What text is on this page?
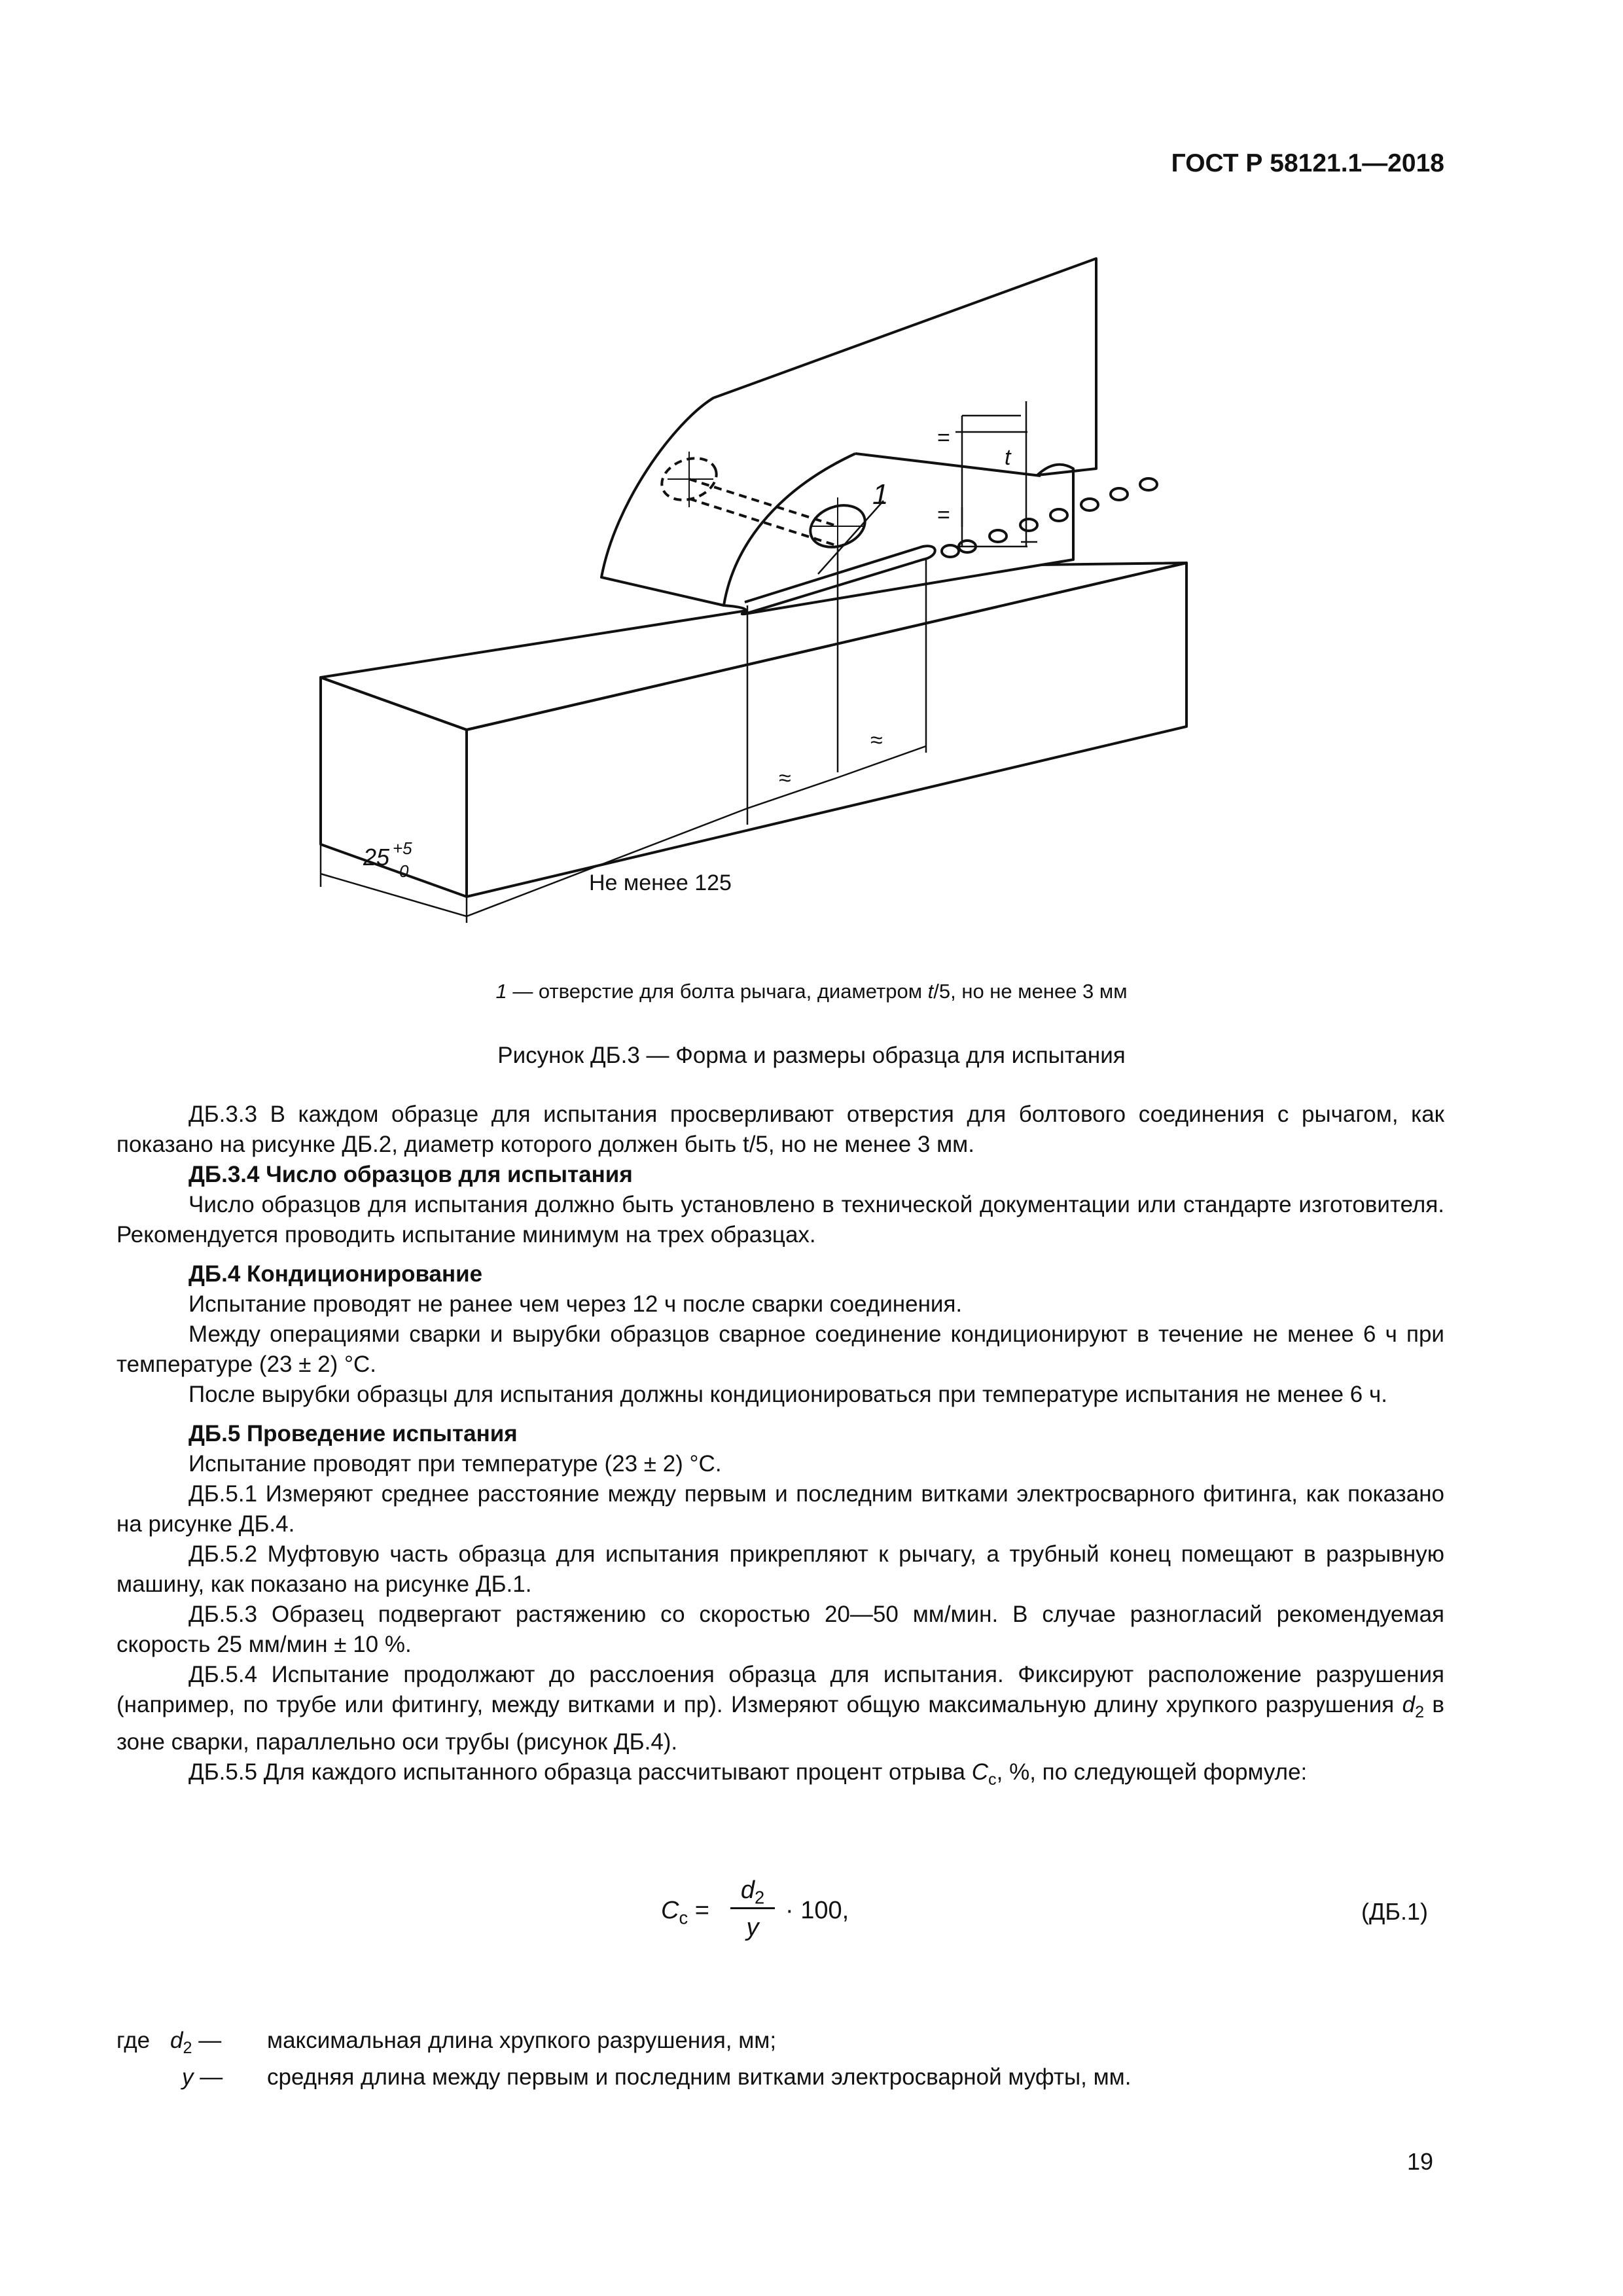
ГОСТ Р 58121.1—2018
1
t
=
=
≈
≈
25 +5
0	Не менее 125
1 — отверстие для болта рычага, диаметром t/5, но не менее 3 мм
Рисунок ДБ.3 — Форма и размеры образца для испытания

ДБ.3.3 В каждом образце для испытания просверливают отверстия для болтового соединения с рычагом, как показано на рисунке ДБ.2, диаметр которого должен быть t/5, но не менее 3 мм.

ДБ.3.4 Число образцов для испытания

Число образцов для испытания должно быть установлено в технической документации или стандарте изготовителя. Рекомендуется проводить испытание минимум на трех образцах.

ДБ.4 Кондиционирование

Испытание проводят не ранее чем через 12 ч после сварки соединения.

Между операциями сварки и вырубки образцов сварное соединение кондиционируют в течение не менее 6 ч при температуре (23 ± 2) °С.

После вырубки образцы для испытания должны кондиционироваться при температуре испытания не менее 6 ч.

ДБ.5 Проведение испытания

Испытание проводят при температуре (23 ± 2) °С.

ДБ.5.1 Измеряют среднее расстояние между первым и последним витками электросварного фитинга, как показано на рисунке ДБ.4.

ДБ.5.2 Муфтовую часть образца для испытания прикрепляют к рычагу, а трубный конец помещают в разрывную машину, как показано на рисунке ДБ.1.

ДБ.5.3 Образец подвергают растяжению со скоростью 20—50 мм/мин. В случае разногласий рекомендуемая скорость 25 мм/мин ± 10 %.

ДБ.5.4 Испытание продолжают до расслоения образца для испытания. Фиксируют расположение разрушения (например, по трубе или фитингу, между витками и пр). Измеряют общую максимальную длину хрупкого разрушения $d_2$ в зоне сварки, параллельно оси трубы (рисунок ДБ.4).

ДБ.5.5 Для каждого испытанного образца рассчитывают процент отрыва $C_c$, %, по следующей формуле:

$C_c$ =
$d_2$
y
· 100,	(ДБ.1)
где $d_2$ — максимальная длина хрупкого разрушения, мм;
y — средняя длина между первым и последним витками электросварной муфты, мм.
19
